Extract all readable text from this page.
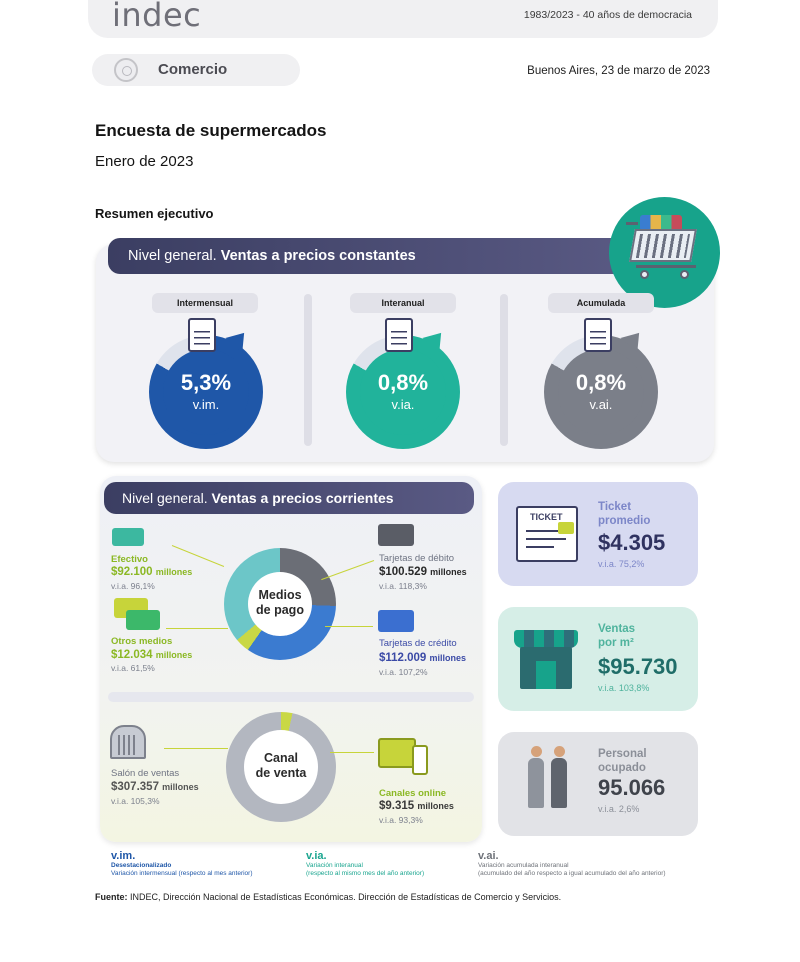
indec	1983/2023 - 40 años de democracia
Comercio	Buenos Aires, 23 de marzo de 2023
Encuesta de supermercados
Enero de 2023
Resumen ejecutivo
Nivel general. Ventas a precios constantes
Intermensual
5,3%
v.im.
Interanual
0,8%
v.ia.
Acumulada
0,8%
v.ai.
Nivel general. Ventas a precios corrientes
Medios
de pago
Efectivo
$92.100 millones
v.i.a. 96,1%
Otros medios
$12.034 millones
v.i.a. 61,5%
Tarjetas de débito
$100.529 millones
v.i.a. 118,3%
Tarjetas de crédito
$112.009 millones
v.i.a. 107,2%
Canal
de venta
Salón de ventas
$307.357 millones
v.i.a. 105,3%
Canales online
$9.315 millones
v.i.a. 93,3%
TICKET
Ticket
promedio
$4.305
v.i.a. 75,2%
Ventas
por m²
$95.730
v.i.a. 103,8%
Personal
ocupado
95.066
v.i.a. 2,6%
v.im.
Desestacionalizado
Variación intermensual (respecto al mes anterior)
v.ia.
Variación interanual
(respecto al mismo mes del año anterior)
v.ai.
Variación acumulada interanual
(acumulado del año respecto a igual acumulado del año anterior)
Fuente: INDEC, Dirección Nacional de Estadísticas Económicas. Dirección de Estadísticas de Comercio y Servicios.
